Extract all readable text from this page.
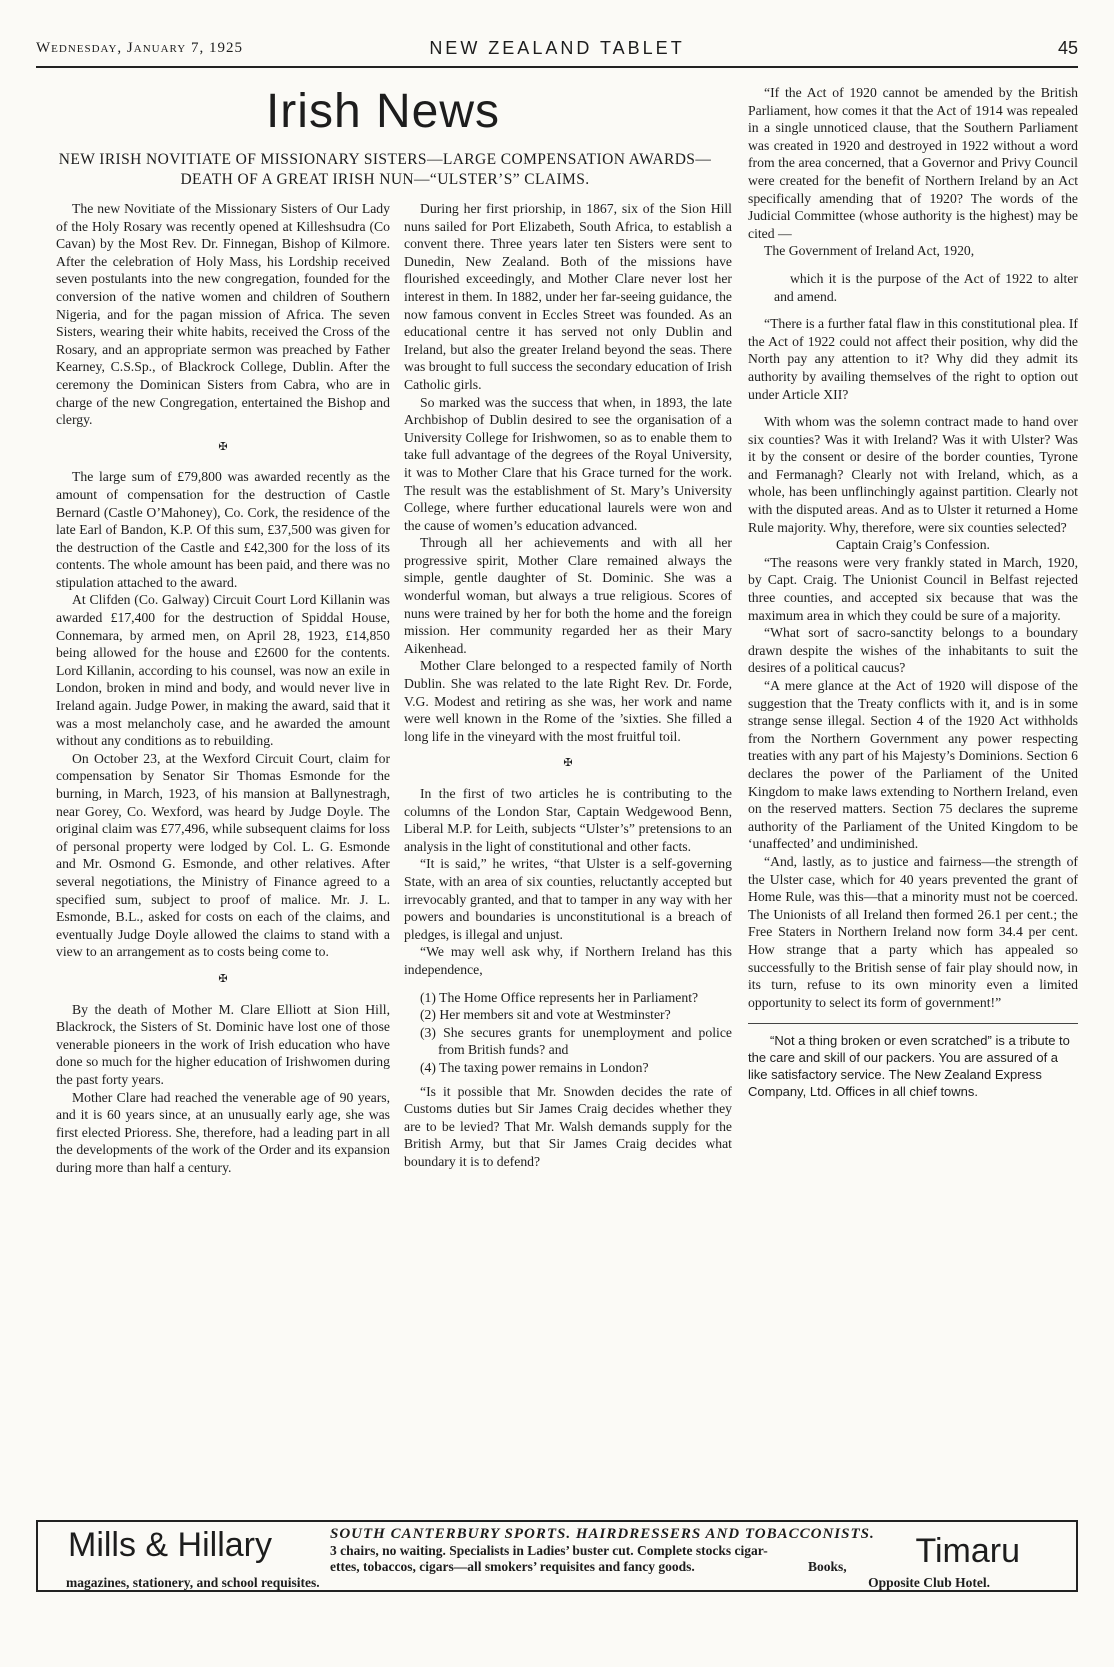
Wednesday, January 7, 1925	NEW ZEALAND TABLET	45
Irish News
NEW IRISH NOVITIATE OF MISSIONARY SISTERS—LARGE COMPENSATION AWARDS—DEATH OF A GREAT IRISH NUN—“ULSTER’S” CLAIMS.

The new Novitiate of the Missionary Sisters of Our Lady of the Holy Rosary was recently opened at Killeshsudra (Co Cavan) by the Most Rev. Dr. Finnegan, Bishop of Kilmore. After the celebration of Holy Mass, his Lordship received seven postulants into the new congregation, founded for the conversion of the native women and children of Southern Nigeria, and for the pagan mission of Africa. The seven Sisters, wearing their white habits, received the Cross of the Rosary, and an appropriate sermon was preached by Father Kearney, C.S.Sp., of Blackrock College, Dublin. After the ceremony the Dominican Sisters from Cabra, who are in charge of the new Congregation, entertained the Bishop and clergy.

✠

The large sum of £79,800 was awarded recently as the amount of compensation for the destruction of Castle Bernard (Castle O’Mahoney), Co. Cork, the residence of the late Earl of Bandon, K.P. Of this sum, £37,500 was given for the destruction of the Castle and £42,300 for the loss of its contents. The whole amount has been paid, and there was no stipulation attached to the award.

At Clifden (Co. Galway) Circuit Court Lord Killanin was awarded £17,400 for the destruction of Spiddal House, Connemara, by armed men, on April 28, 1923, £14,850 being allowed for the house and £2600 for the contents. Lord Killanin, according to his counsel, was now an exile in London, broken in mind and body, and would never live in Ireland again. Judge Power, in making the award, said that it was a most melancholy case, and he awarded the amount without any conditions as to rebuilding.

On October 23, at the Wexford Circuit Court, claim for compensation by Senator Sir Thomas Esmonde for the burning, in March, 1923, of his mansion at Ballynestragh, near Gorey, Co. Wexford, was heard by Judge Doyle. The original claim was £77,496, while subsequent claims for loss of personal property were lodged by Col. L. G. Esmonde and Mr. Osmond G. Esmonde, and other relatives. After several negotiations, the Ministry of Finance agreed to a specified sum, subject to proof of malice. Mr. J. L. Esmonde, B.L., asked for costs on each of the claims, and eventually Judge Doyle allowed the claims to stand with a view to an arrangement as to costs being come to.

✠

By the death of Mother M. Clare Elliott at Sion Hill, Blackrock, the Sisters of St. Dominic have lost one of those venerable pioneers in the work of Irish education who have done so much for the higher education of Irishwomen during the past forty years.

Mother Clare had reached the venerable age of 90 years, and it is 60 years since, at an unusually early age, she was first elected Prioress. She, therefore, had a leading part in all the developments of the work of the Order and its expansion during more than half a century.

During her first priorship, in 1867, six of the Sion Hill nuns sailed for Port Elizabeth, South Africa, to establish a convent there. Three years later ten Sisters were sent to Dunedin, New Zealand. Both of the missions have flourished exceedingly, and Mother Clare never lost her interest in them. In 1882, under her far-seeing guidance, the now famous convent in Eccles Street was founded. As an educational centre it has served not only Dublin and Ireland, but also the greater Ireland beyond the seas. There was brought to full success the secondary education of Irish Catholic girls.

So marked was the success that when, in 1893, the late Archbishop of Dublin desired to see the organisation of a University College for Irishwomen, so as to enable them to take full advantage of the degrees of the Royal University, it was to Mother Clare that his Grace turned for the work. The result was the establishment of St. Mary’s University College, where further educational laurels were won and the cause of women’s education advanced.

Through all her achievements and with all her progressive spirit, Mother Clare remained always the simple, gentle daughter of St. Dominic. She was a wonderful woman, but always a true religious. Scores of nuns were trained by her for both the home and the foreign mission. Her community regarded her as their Mary Aikenhead.

Mother Clare belonged to a respected family of North Dublin. She was related to the late Right Rev. Dr. Forde, V.G. Modest and retiring as she was, her work and name were well known in the Rome of the ’sixties. She filled a long life in the vineyard with the most fruitful toil.

✠

In the first of two articles he is contributing to the columns of the London Star, Captain Wedgewood Benn, Liberal M.P. for Leith, subjects “Ulster’s” pretensions to an analysis in the light of constitutional and other facts.

“It is said,” he writes, “that Ulster is a self-governing State, with an area of six counties, reluctantly accepted but irrevocably granted, and that to tamper in any way with her powers and boundaries is unconstitutional is a breach of pledges, is illegal and unjust.

“We may well ask why, if Northern Ireland has this independence,

(1) The Home Office represents her in Parliament?
(2) Her members sit and vote at Westminster?
(3) She secures grants for unemployment and police from British funds? and
(4) The taxing power remains in London?

“Is it possible that Mr. Snowden decides the rate of Customs duties but Sir James Craig decides whether they are to be levied? That Mr. Walsh demands supply for the British Army, but that Sir James Craig decides what boundary it is to defend?

“If the Act of 1920 cannot be amended by the British Parliament, how comes it that the Act of 1914 was repealed in a single unnoticed clause, that the Southern Parliament was created in 1920 and destroyed in 1922 without a word from the area concerned, that a Governor and Privy Council were created for the benefit of Northern Ireland by an Act specifically amending that of 1920? The words of the Judicial Committee (whose authority is the highest) may be cited —

The Government of Ireland Act, 1920,

which it is the purpose of the Act of 1922 to alter and amend.

“There is a further fatal flaw in this constitutional plea. If the Act of 1922 could not affect their position, why did the North pay any attention to it? Why did they admit its authority by availing themselves of the right to option out under Article XII?

With whom was the solemn contract made to hand over six counties? Was it with Ireland? Was it with Ulster? Was it by the consent or desire of the border counties, Tyrone and Fermanagh? Clearly not with Ireland, which, as a whole, has been unflinchingly against partition. Clearly not with the disputed areas. And as to Ulster it returned a Home Rule majority. Why, therefore, were six counties selected?

Captain Craig’s Confession.

“The reasons were very frankly stated in March, 1920, by Capt. Craig. The Unionist Council in Belfast rejected three counties, and accepted six because that was the maximum area in which they could be sure of a majority.

“What sort of sacro-sanctity belongs to a boundary drawn despite the wishes of the inhabitants to suit the desires of a political caucus?

“A mere glance at the Act of 1920 will dispose of the suggestion that the Treaty conflicts with it, and is in some strange sense illegal. Section 4 of the 1920 Act withholds from the Northern Government any power respecting treaties with any part of his Majesty’s Dominions. Section 6 declares the power of the Parliament of the United Kingdom to make laws extending to Northern Ireland, even on the reserved matters. Section 75 declares the supreme authority of the Parliament of the United Kingdom to be ‘unaffected’ and undiminished.

“And, lastly, as to justice and fairness—the strength of the Ulster case, which for 40 years prevented the grant of Home Rule, was this—that a minority must not be coerced. The Unionists of all Ireland then formed 26.1 per cent.; the Free Staters in Northern Ireland now form 34.4 per cent. How strange that a party which has appealed so successfully to the British sense of fair play should now, in its turn, refuse to its own minority even a limited opportunity to select its form of government!”

“Not a thing broken or even scratched” is a tribute to the care and skill of our packers. You are assured of a like satisfactory service. The New Zealand Express Company, Ltd. Offices in all chief towns.

Mills & Hillary	SOUTH CANTERBURY SPORTS. HAIRDRESSERS AND TOBACCONISTS.
3 chairs, no waiting. Specialists in Ladies’ buster cut. Complete stocks cigar-
ettes, tobaccos, cigars—all smokers’ requisites and fancy goods.	Books,
magazines, stationery, and school requisites.	Opposite Club Hotel.
Timaru
